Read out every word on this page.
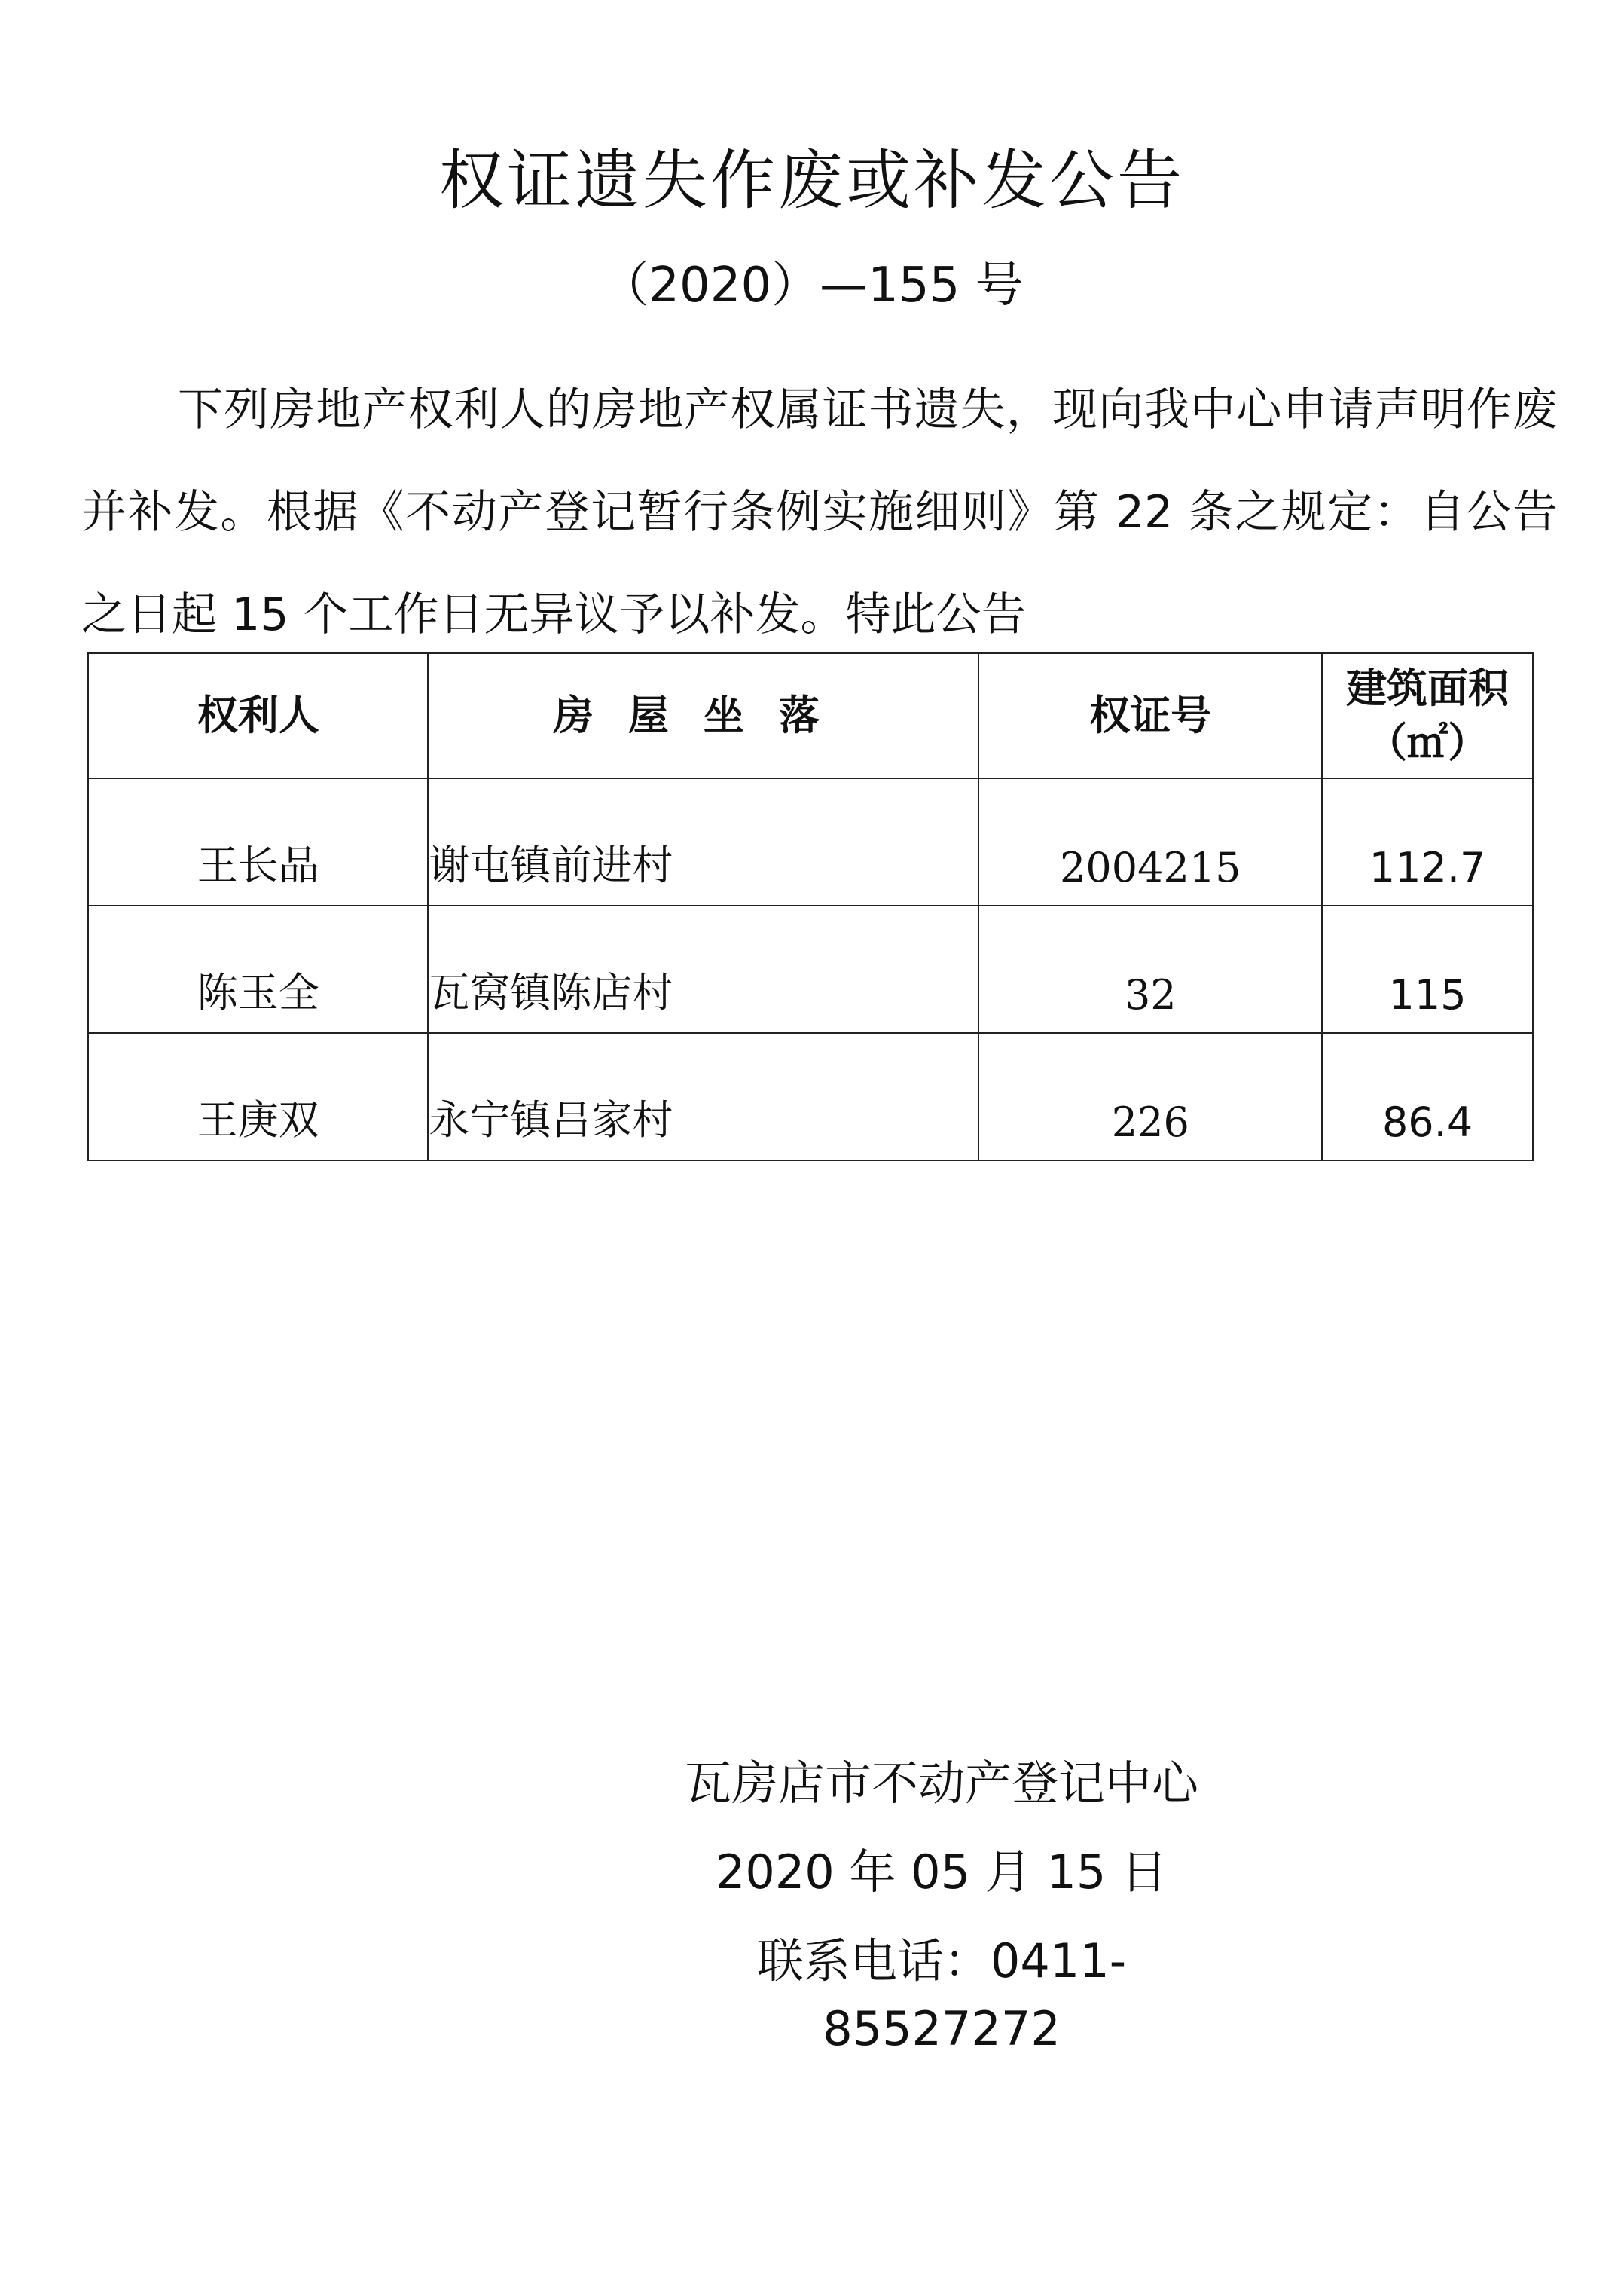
权证遗失作废或补发公告
（2020）—155 号

下列房地产权利人的房地产权属证书遗失，现向我中心申请声明作废并补发。根据《不动产登记暂行条例实施细则》第 22 条之规定：自公告之日起 15 个工作日无异议予以补发。特此公告

权利人	房屋坐落	权证号	建筑面积
（㎡）

王长品	谢屯镇前进村	2004215	112.7
陈玉全	瓦窝镇陈店村	32	115
王庚双	永宁镇吕家村	226	86.4
瓦房店市不动产登记中心
2020 年 05 月 15 日
联系电话：0411-85527272
